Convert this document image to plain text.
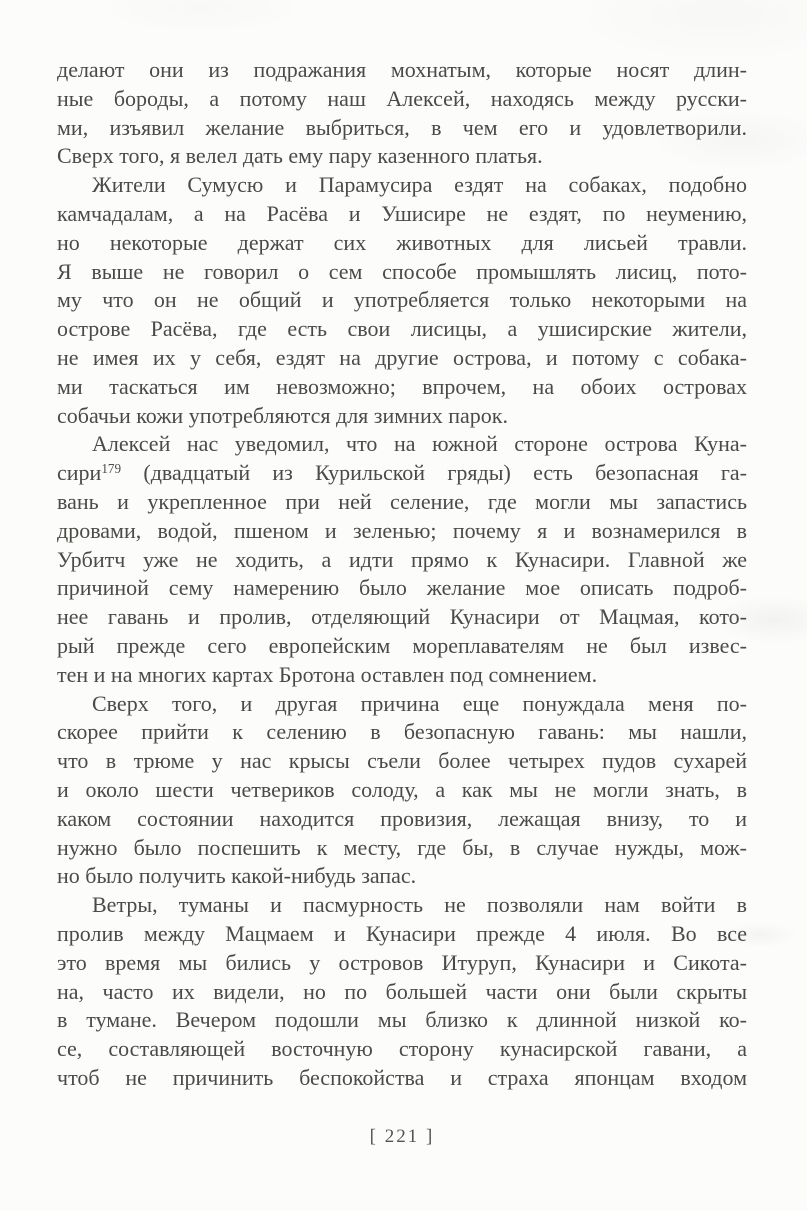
делают они из подражания мохнатым, которые носят длин-
ные бороды, а потому наш Алексей, находясь между русски-
ми, изъявил желание выбриться, в чем его и удовлетворили.
Сверх того, я велел дать ему пару казенного платья.
Жители Сумусю и Парамусира ездят на собаках, подобно
камчадалам, а на Расёва и Ушисире не ездят, по неумению,
но некоторые держат сих животных для лисьей травли.
Я выше не говорил о сем способе промышлять лисиц, пото-
му что он не общий и употребляется только некоторыми на
острове Расёва, где есть свои лисицы, а ушисирские жители,
не имея их у себя, ездят на другие острова, и потому с собака-
ми таскаться им невозможно; впрочем, на обоих островах
собачьи кожи употребляются для зимних парок.
Алексей нас уведомил, что на южной стороне острова Куна-
сири$^{179}$ (двадцатый из Курильской гряды) есть безопасная га-
вань и укрепленное при ней селение, где могли мы запастись
дровами, водой, пшеном и зеленью; почему я и вознамерился в
Урбитч уже не ходить, а идти прямо к Кунасири. Главной же
причиной сему намерению было желание мое описать подроб-
нее гавань и пролив, отделяющий Кунасири от Мацмая, кото-
рый прежде сего европейским мореплавателям не был извес-
тен и на многих картах Бротона оставлен под сомнением.
Сверх того, и другая причина еще понуждала меня по-
скорее прийти к селению в безопасную гавань: мы нашли,
что в трюме у нас крысы съели более четырех пудов сухарей
и около шести четвериков солоду, а как мы не могли знать, в
каком состоянии находится провизия, лежащая внизу, то и
нужно было поспешить к месту, где бы, в случае нужды, мож-
но было получить какой-нибудь запас.
Ветры, туманы и пасмурность не позволяли нам войти в
пролив между Мацмаем и Кунасири прежде 4 июля. Во все
это время мы бились у островов Итуруп, Кунасири и Сикота-
на, часто их видели, но по большей части они были скрыты
в тумане. Вечером подошли мы близко к длинной низкой ко-
се, составляющей восточную сторону кунасирской гавани, а
чтоб не причинить беспокойства и страха японцам входом
[ 221 ]
